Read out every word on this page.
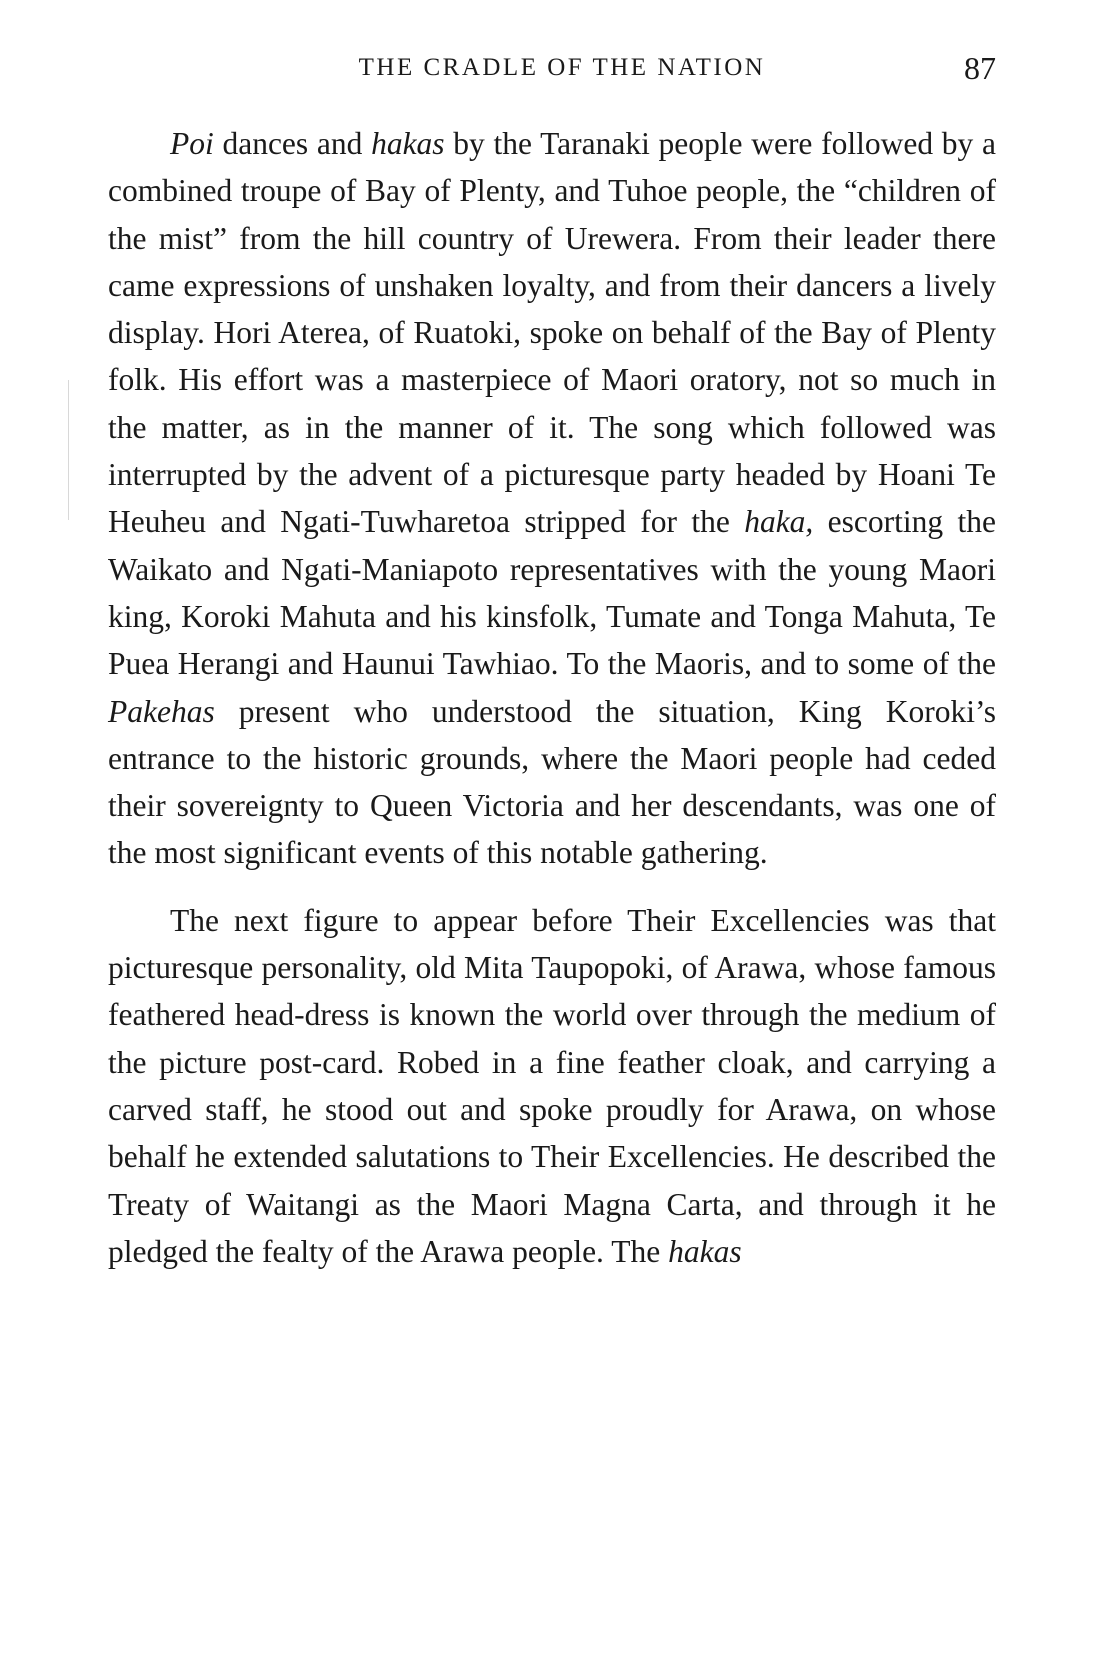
THE CRADLE OF THE NATION	87

Poi dances and hakas by the Taranaki people were followed by a combined troupe of Bay of Plenty, and Tuhoe people, the “children of the mist” from the hill country of Urewera. From their leader there came expressions of unshaken loyalty, and from their dancers a lively display. Hori Aterea, of Ruatoki, spoke on behalf of the Bay of Plenty folk. His effort was a masterpiece of Maori oratory, not so much in the matter, as in the manner of it. The song which followed was interrupted by the advent of a picturesque party headed by Hoani Te Heuheu and Ngati-Tuwharetoa stripped for the haka, escorting the Waikato and Ngati-Maniapoto representatives with the young Maori king, Koroki Mahuta and his kinsfolk, Tumate and Tonga Mahuta, Te Puea Herangi and Haunui Tawhiao. To the Maoris, and to some of the Pakehas present who understood the situation, King Koroki’s entrance to the historic grounds, where the Maori people had ceded their sovereignty to Queen Victoria and her descendants, was one of the most significant events of this notable gathering.

The next figure to appear before Their Excellencies was that picturesque personality, old Mita Taupopoki, of Arawa, whose famous feathered head-dress is known the world over through the medium of the picture post-card. Robed in a fine feather cloak, and carrying a carved staff, he stood out and spoke proudly for Arawa, on whose behalf he extended salutations to Their Excellencies. He described the Treaty of Waitangi as the Maori Magna Carta, and through it he pledged the fealty of the Arawa people. The hakas
